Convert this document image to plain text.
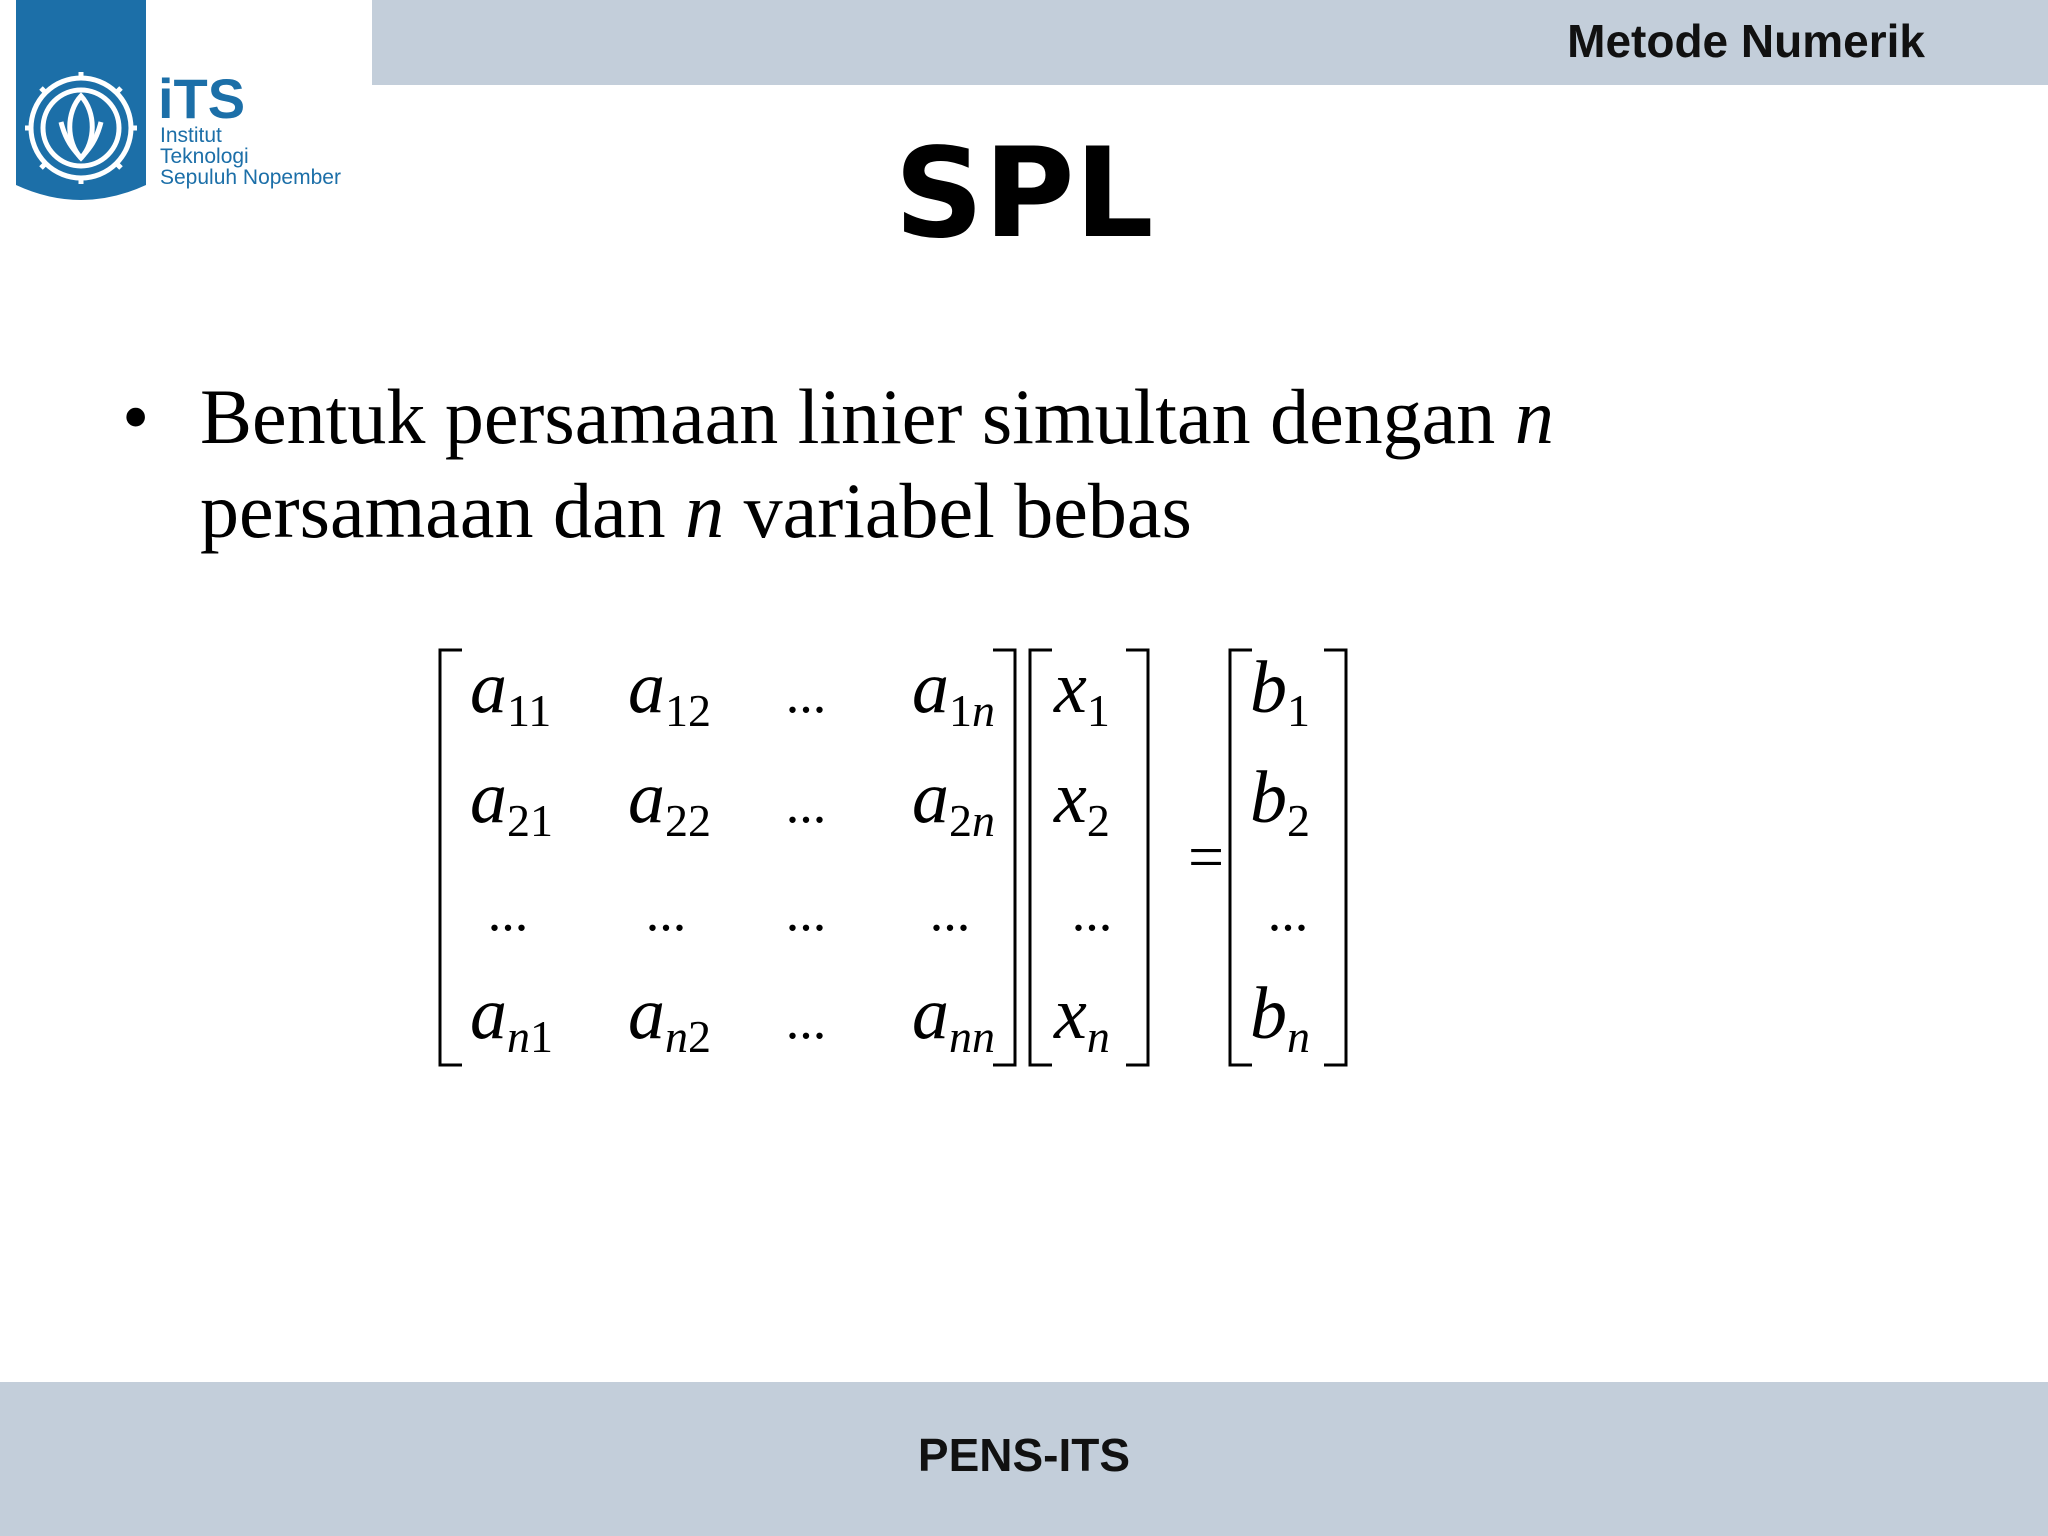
Metode Numerik
iTS
Institut
Teknologi
Sepuluh Nopember	SPL
• Bentuk persamaan linier simultan dengan n
persamaan dan n variabel bebas
a11 a12 ... a1n
a21 a22 ... a2n
... ... ... ...
an1 an2 ... ann
x1
x2
...
xn
=
b1
b2
...
bn
PENS-ITS
